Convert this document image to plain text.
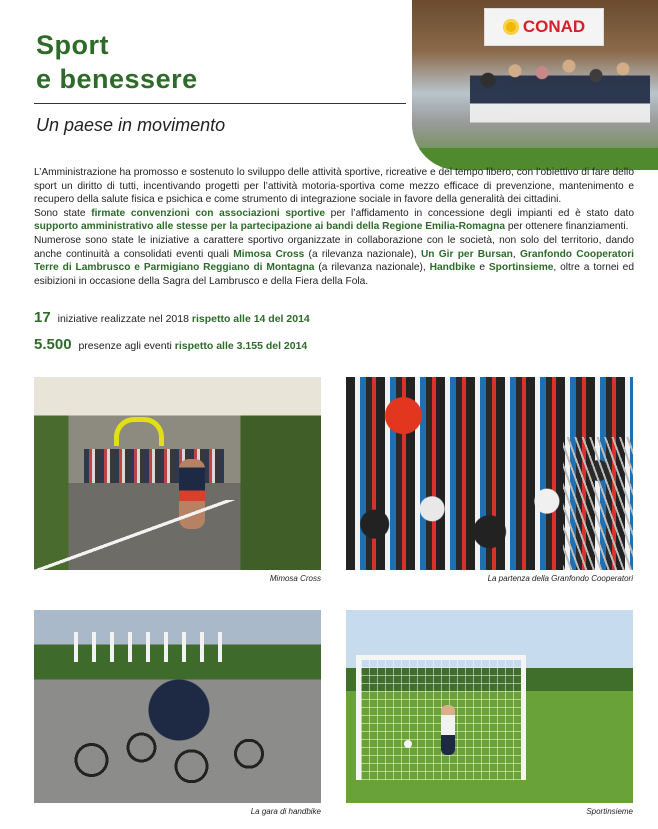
Sport
e benessere
Un paese in movimento
CONAD

L’Amministrazione ha promosso e sostenuto lo sviluppo delle attività sportive, ricreative e del tempo libero, con l’obiettivo di fare dello sport un diritto di tutti, incentivando progetti per l’attività motoria-sportiva come mezzo efficace di prevenzione, mantenimento e recupero della salute fisica e psichica e come strumento di integrazione sociale in favore della generalità dei cittadini.

Sono state firmate convenzioni con associazioni sportive per l’affidamento in concessione degli impianti ed è stato dato supporto amministrativo alle stesse per la partecipazione ai bandi della Regione Emilia-Romagna per ottenere finanziamenti.

Numerose sono state le iniziative a carattere sportivo organizzate in collaborazione con le società, non solo del territorio, dando anche continuità a consolidati eventi quali Mimosa Cross (a rilevanza nazionale), Un Gir per Bursan, Granfondo Cooperatori Terre di Lambrusco e Parmigiano Reggiano di Montagna (a rilevanza nazionale), Handbike e Sportinsieme, oltre a tornei ed esibizioni in occasione della Sagra del Lambrusco e della Fiera della Fola.

17 iniziative realizzate nel 2018 rispetto alle 14 del 2014
5.500 presenze agli eventi rispetto alle 3.155 del 2014
Mimosa Cross	La partenza della Granfondo Cooperatori
La gara di handbike	Sportinsieme
